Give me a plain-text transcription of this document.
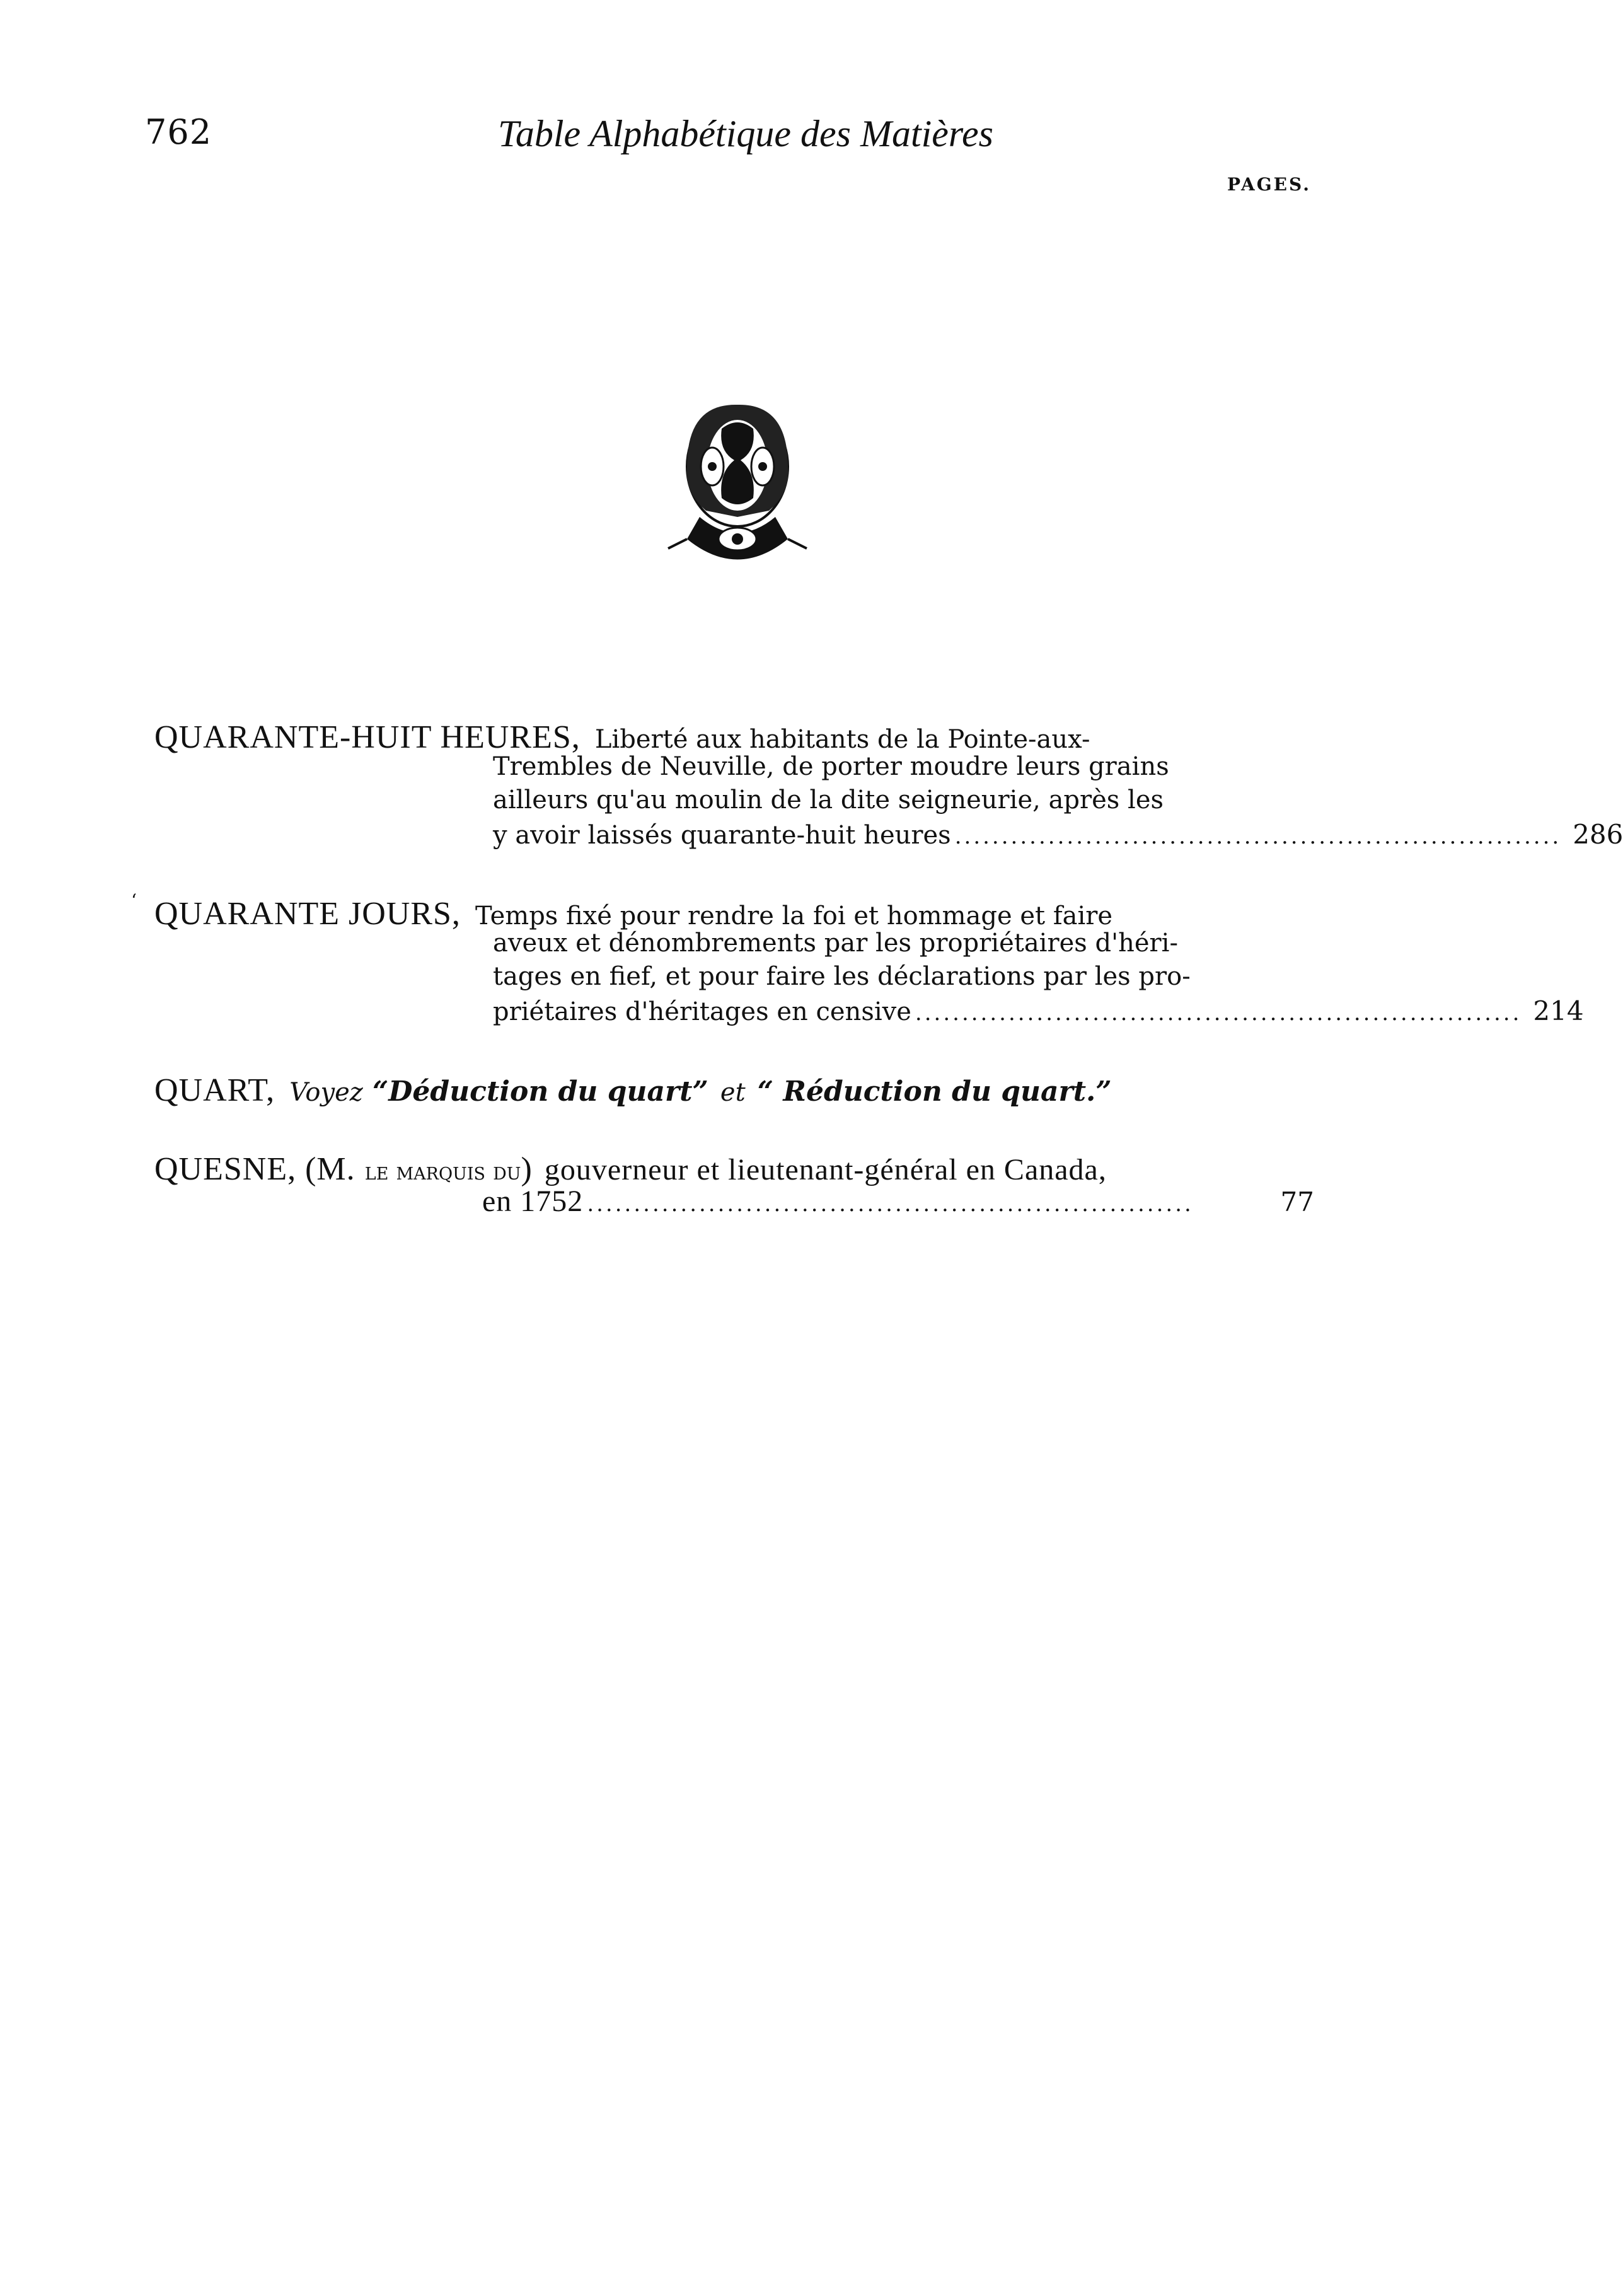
762	Table Alphabétique des Matières
PAGES.
‘
QUARANTE-HUIT HEURES, Liberté aux habitants de la Pointe-aux-
Trembles de Neuville, de porter moudre leurs grains
ailleurs qu'au moulin de la dite seigneurie, après les
y avoir laissés quarante-huit heures ................................................................. 286
QUARANTE JOURS, Temps fixé pour rendre la foi et hommage et faire
aveux et dénombrements par les propriétaires d'héri-
tages en fief, et pour faire les déclarations par les pro-
priétaires d'héritages en censive ................................................................. 214
QUART, Voyez “Déduction du quart” et “ Réduction du quart.”
QUESNE, (M. le marquis du) gouverneur et lieutenant-général en Canada,
en 1752 .................................................................	77
